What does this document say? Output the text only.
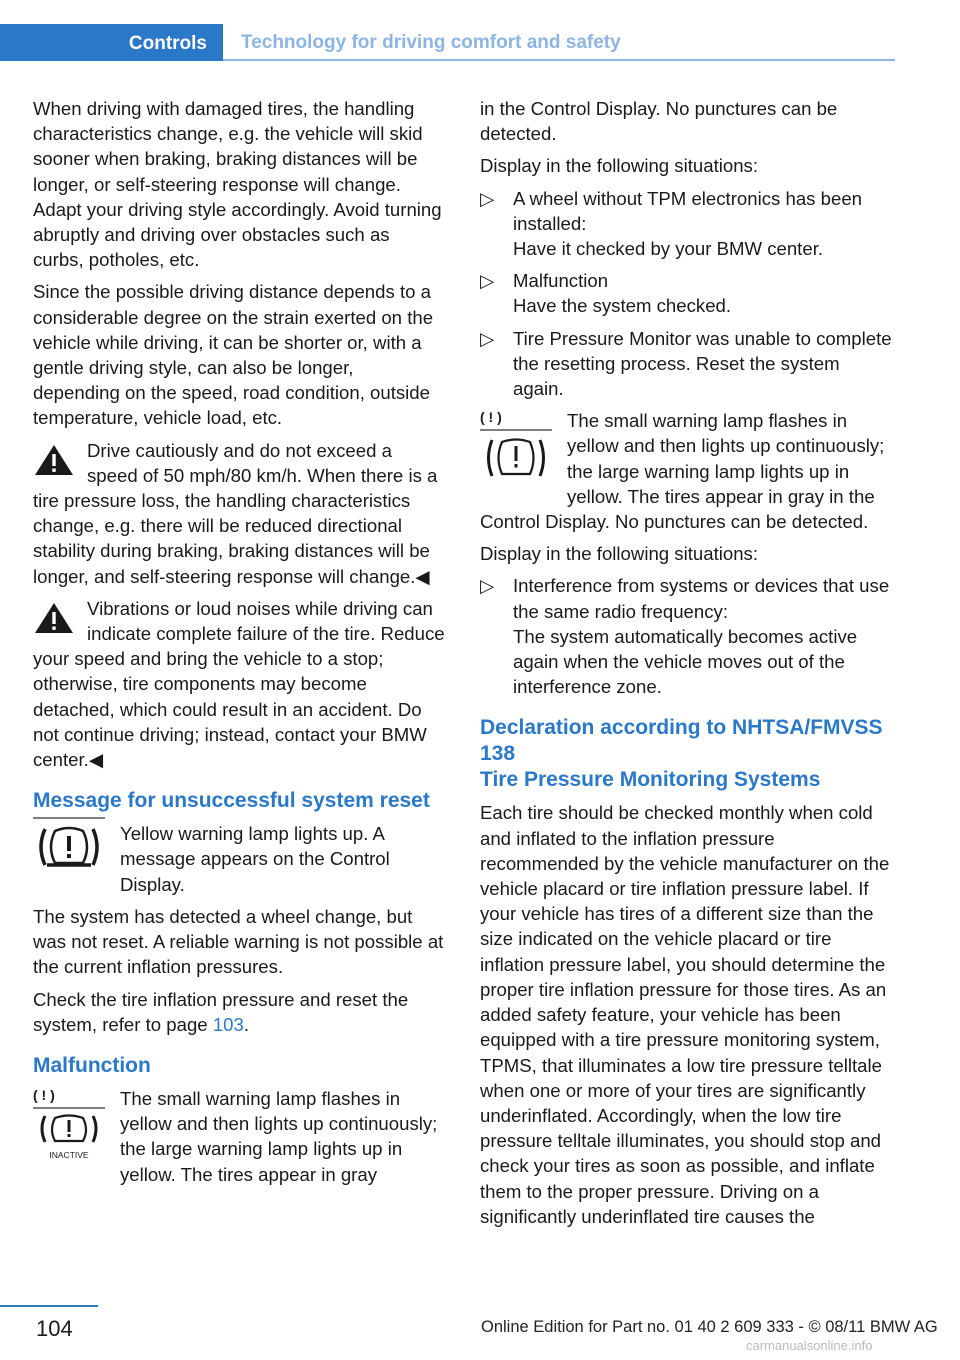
Controls	Technology for driving comfort and safety

When driving with damaged tires, the handling characteristics change, e.g. the vehicle will skid sooner when braking, braking distances will be longer, or self-steering response will change. Adapt your driving style accordingly. Avoid turning abruptly and driving over obstacles such as curbs, potholes, etc.

Since the possible driving distance depends to a considerable degree on the strain exerted on the vehicle while driving, it can be shorter or, with a gentle driving style, can also be longer, depending on the speed, road condition, outside temperature, vehicle load, etc.

Drive cautiously and do not exceed a speed of 50 mph/80 km/h. When there is a tire pressure loss, the handling characteristics change, e.g. there will be reduced directional stability during braking, braking distances will be longer, and self-steering response will change.◀

Vibrations or loud noises while driving can indicate complete failure of the tire. Reduce your speed and bring the vehicle to a stop; otherwise, tire components may become detached, which could result in an accident. Do not continue driving; instead, contact your BMW center.◀

Message for unsuccessful system reset

Yellow warning lamp lights up. A message appears on the Control Display.

The system has detected a wheel change, but was not reset. A reliable warning is not possible at the current inflation pressures.

Check the tire inflation pressure and reset the system, refer to page 103.

Malfunction
( ! )
INACTIVE

The small warning lamp flashes in yellow and then lights up continuously; the large warning lamp lights up in yellow. The tires appear in gray

in the Control Display. No punctures can be detected.

Display in the following situations:

▷ A wheel without TPM electronics has been installed:
Have it checked by your BMW center.
▷ Malfunction
Have the system checked.
▷ Tire Pressure Monitor was unable to complete the resetting process. Reset the system again.
( ! )	The small warning lamp flashes in yellow and then lights up continuously; the large warning lamp lights up in yellow. The tires appear in gray in the Control Display. No punctures can be detected.

Display in the following situations:

▷ Interference from systems or devices that use the same radio frequency:
The system automatically becomes active again when the vehicle moves out of the interference zone.
Declaration according to NHTSA/FMVSS 138
Tire Pressure Monitoring Systems

Each tire should be checked monthly when cold and inflated to the inflation pressure recommended by the vehicle manufacturer on the vehicle placard or tire inflation pressure label. If your vehicle has tires of a different size than the size indicated on the vehicle placard or tire inflation pressure label, you should determine the proper tire inflation pressure for those tires. As an added safety feature, your vehicle has been equipped with a tire pressure monitoring system, TPMS, that illuminates a low tire pressure telltale when one or more of your tires are significantly underinflated. Accordingly, when the low tire pressure telltale illuminates, you should stop and check your tires as soon as possible, and inflate them to the proper pressure. Driving on a significantly underinflated tire causes the

104	Online Edition for Part no. 01 40 2 609 333 - © 08/11 BMW AG
carmanualsonline.info
